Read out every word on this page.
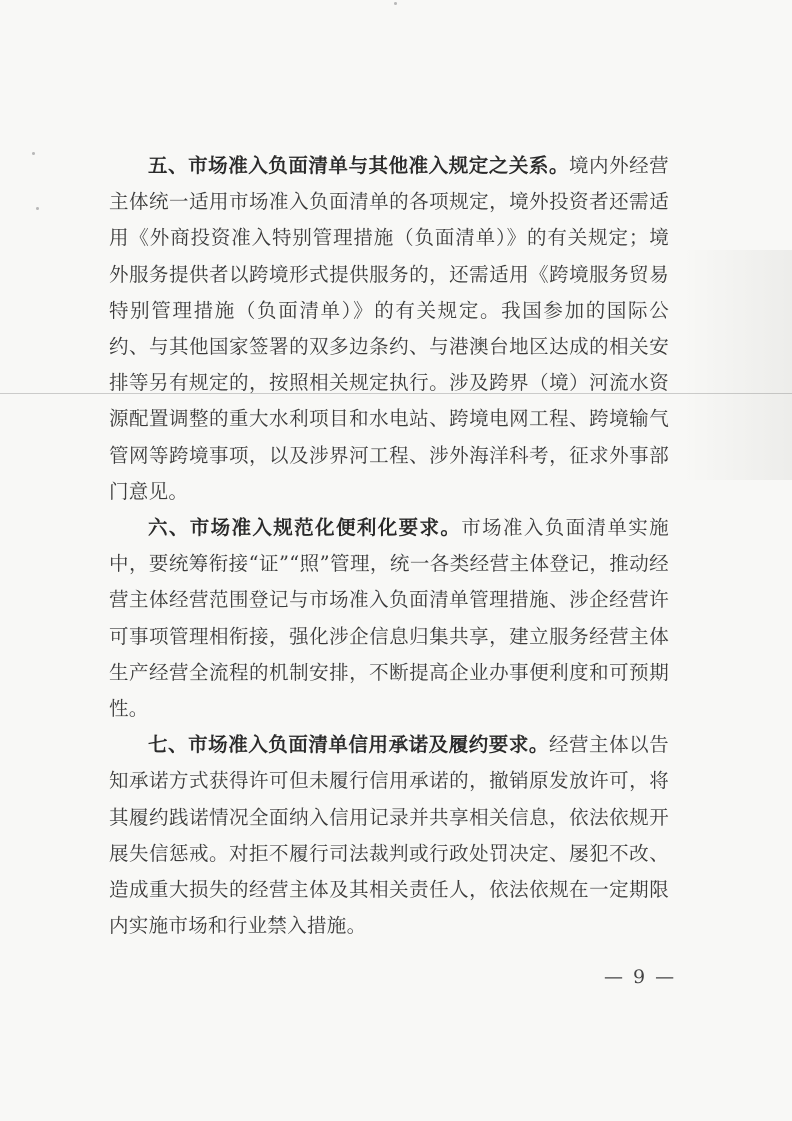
五、市场准入负面清单与其他准入规定之关系。境内外经营主体统一适用市场准入负面清单的各项规定，境外投资者还需适用《外商投资准入特别管理措施（负面清单）》的有关规定；境外服务提供者以跨境形式提供服务的，还需适用《跨境服务贸易特别管理措施（负面清单）》的有关规定。我国参加的国际公约、与其他国家签署的双多边条约、与港澳台地区达成的相关安排等另有规定的，按照相关规定执行。涉及跨界（境）河流水资源配置调整的重大水利项目和水电站、跨境电网工程、跨境输气管网等跨境事项，以及涉界河工程、涉外海洋科考，征求外事部门意见。

六、市场准入规范化便利化要求。市场准入负面清单实施中，要统筹衔接“证”“照”管理，统一各类经营主体登记，推动经营主体经营范围登记与市场准入负面清单管理措施、涉企经营许可事项管理相衔接，强化涉企信息归集共享，建立服务经营主体生产经营全流程的机制安排，不断提高企业办事便利度和可预期性。

七、市场准入负面清单信用承诺及履约要求。经营主体以告知承诺方式获得许可但未履行信用承诺的，撤销原发放许可，将其履约践诺情况全面纳入信用记录并共享相关信息，依法依规开展失信惩戒。对拒不履行司法裁判或行政处罚决定、屡犯不改、造成重大损失的经营主体及其相关责任人，依法依规在一定期限内实施市场和行业禁入措施。

— 9 —
